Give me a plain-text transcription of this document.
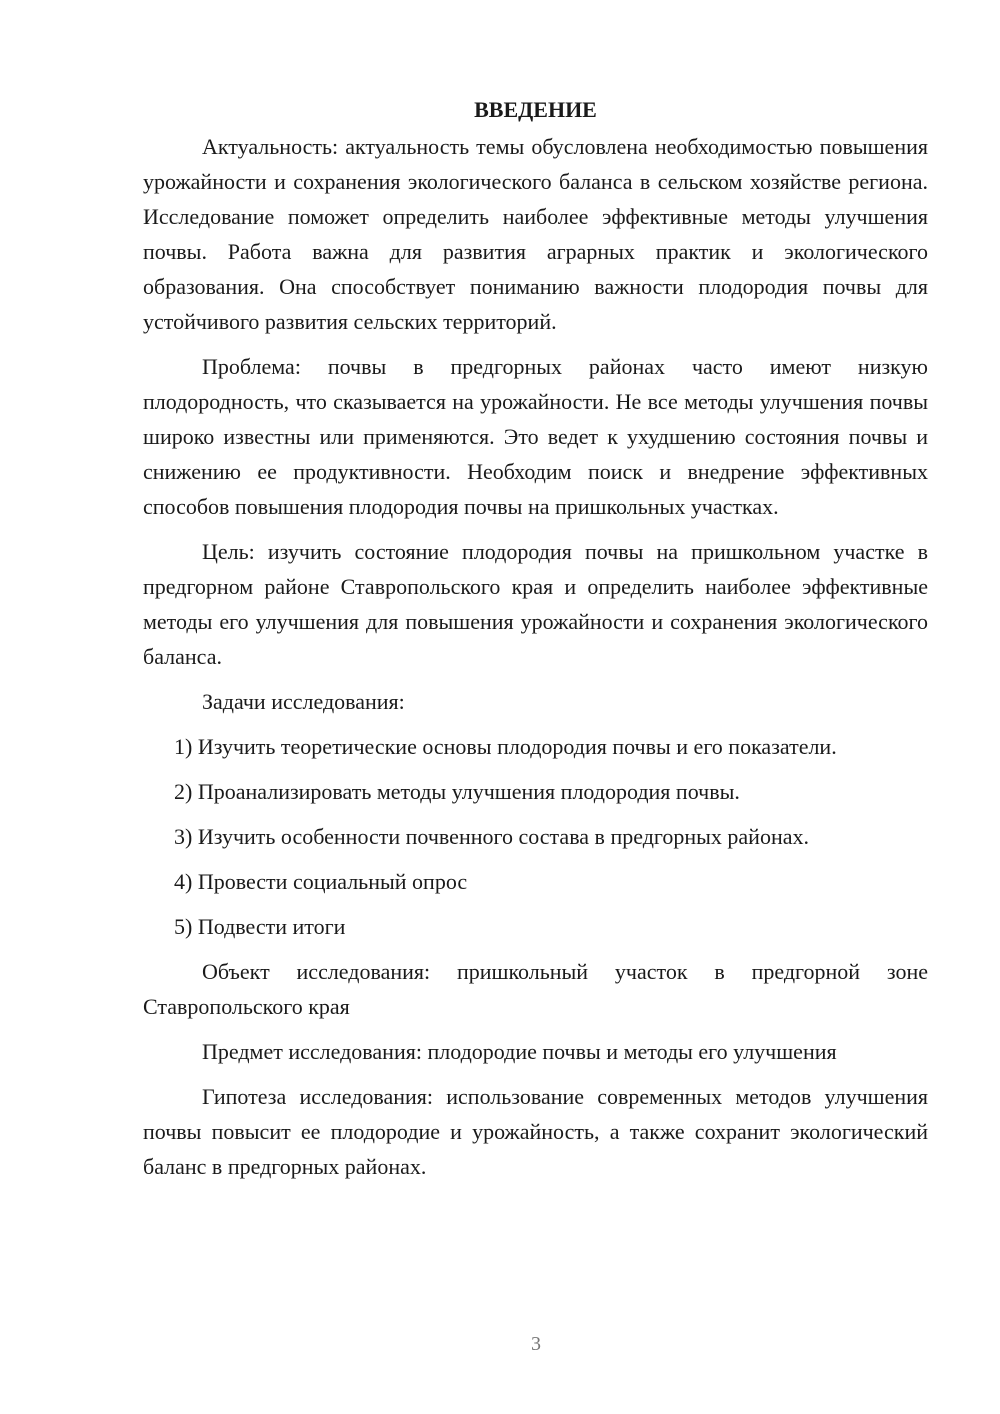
ВВЕДЕНИЕ

Актуальность: актуальность темы обусловлена необходимостью повышения урожайности и сохранения экологического баланса в сельском хозяйстве региона. Исследование поможет определить наиболее эффективные методы улучшения почвы. Работа важна для развития аграрных практик и экологического образования. Она способствует пониманию важности плодородия почвы для устойчивого развития сельских территорий.

Проблема: почвы в предгорных районах часто имеют низкую плодородность, что сказывается на урожайности. Не все методы улучшения почвы широко известны или применяются. Это ведет к ухудшению состояния почвы и снижению ее продуктивности. Необходим поиск и внедрение эффективных способов повышения плодородия почвы на пришкольных участках.

Цель: изучить состояние плодородия почвы на пришкольном участке в предгорном районе Ставропольского края и определить наиболее эффективные методы его улучшения для повышения урожайности и сохранения экологического баланса.

Задачи исследования:

1) Изучить теоретические основы плодородия почвы и его показатели.
2) Проанализировать методы улучшения плодородия почвы.
3) Изучить особенности почвенного состава в предгорных районах.
4) Провести социальный опрос
5) Подвести итоги

Объект исследования: пришкольный участок в предгорной зоне Ставропольского края

Предмет исследования: плодородие почвы и методы его улучшения

Гипотеза исследования: использование современных методов улучшения почвы повысит ее плодородие и урожайность, а также сохранит экологический баланс в предгорных районах.

3
